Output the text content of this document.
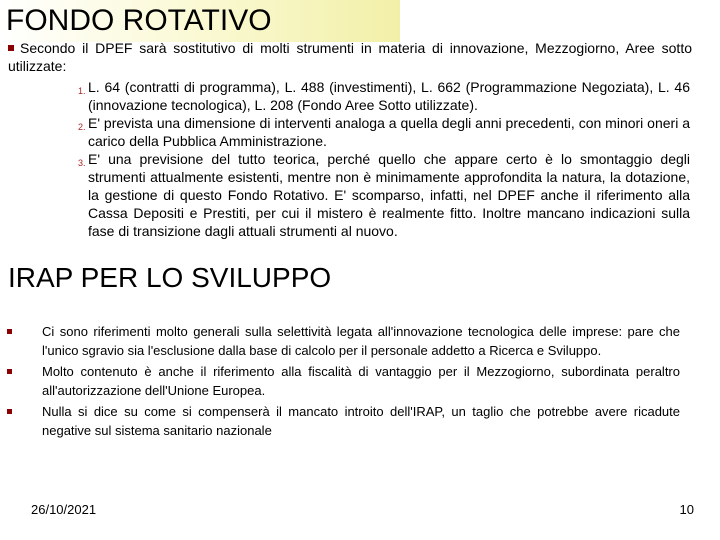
FONDO ROTATIVO
Secondo il DPEF sarà sostitutivo di molti strumenti in materia di innovazione, Mezzogiorno, Aree sotto utilizzate:
1. L. 64 (contratti di programma), L. 488 (investimenti), L. 662 (Programmazione Negoziata), L. 46 (innovazione tecnologica), L. 208 (Fondo Aree Sotto utilizzate).
2. E' prevista una dimensione di interventi analoga a quella degli anni precedenti, con minori oneri a carico della Pubblica Amministrazione.
3. E' una previsione del tutto teorica, perché quello che appare certo è lo smontaggio degli strumenti attualmente esistenti, mentre non è minimamente approfondita la natura, la dotazione, la gestione di questo Fondo Rotativo. E' scomparso, infatti, nel DPEF anche il riferimento alla Cassa Depositi e Prestiti, per cui il mistero è realmente fitto. Inoltre mancano indicazioni sulla fase di transizione dagli attuali strumenti al nuovo.
IRAP PER LO SVILUPPO
Ci sono riferimenti molto generali sulla selettività legata all'innovazione tecnologica delle imprese: pare che l'unico sgravio sia l'esclusione dalla base di calcolo per il personale addetto a Ricerca e Sviluppo.
Molto contenuto è anche il riferimento alla fiscalità di vantaggio per il Mezzogiorno, subordinata peraltro all'autorizzazione dell'Unione Europea.
Nulla si dice su come si compenserà il mancato introito dell'IRAP, un taglio che potrebbe avere ricadute negative sul sistema sanitario nazionale
26/10/2021	10
